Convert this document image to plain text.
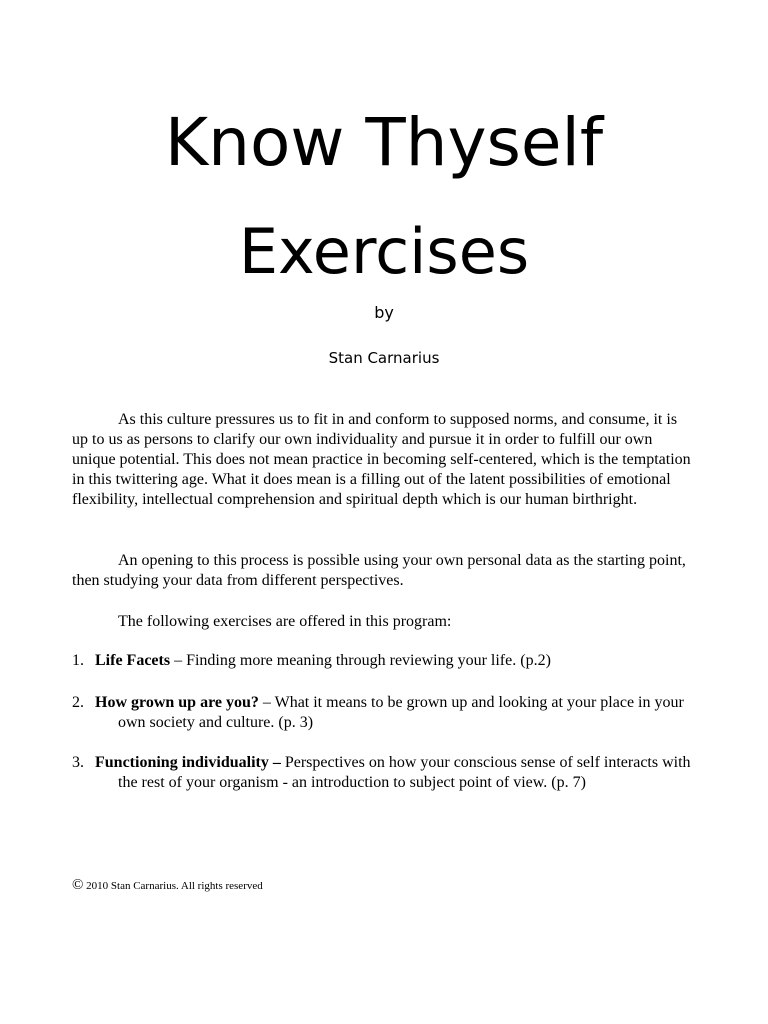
Know Thyself
Exercises
by
Stan Carnarius

As this culture pressures us to fit in and conform to supposed norms, and consume, it is up to us as persons to clarify our own individuality and pursue it in order to fulfill our own unique potential. This does not mean practice in becoming self-centered, which is the temptation in this twittering age. What it does mean is a filling out of the latent possibilities of emotional flexibility, intellectual comprehension and spiritual depth which is our human birthright.

An opening to this process is possible using your own personal data as the starting point, then studying your data from different perspectives.

The following exercises are offered in this program:

1. Life Facets – Finding more meaning through reviewing your life. (p.2)
2. How grown up are you? – What it means to be grown up and looking at your place in your own society and culture. (p. 3)
3. Functioning individuality – Perspectives on how your conscious sense of self interacts with the rest of your organism - an introduction to subject point of view. (p. 7)
© 2010 Stan Carnarius. All rights reserved
